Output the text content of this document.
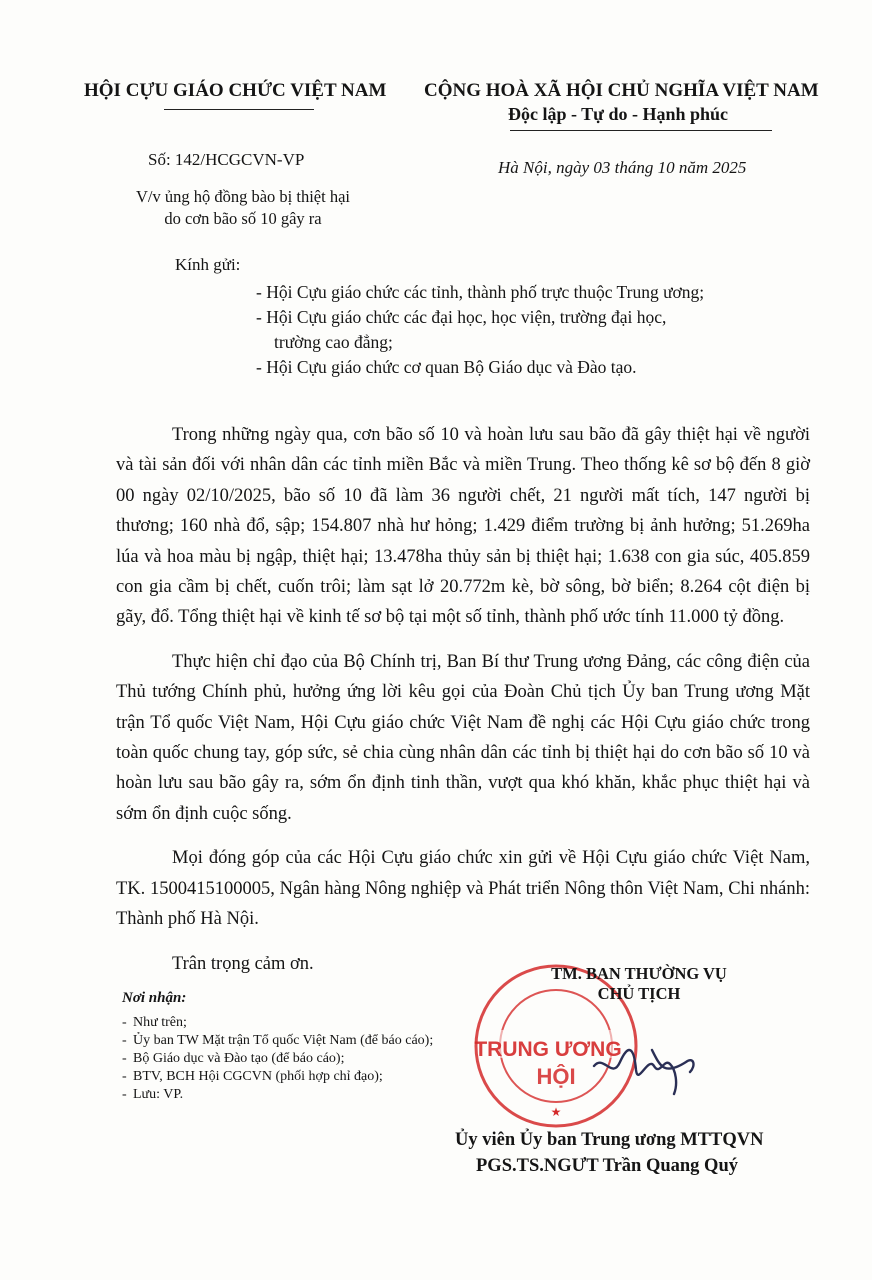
HỘI CỰU GIÁO CHỨC VIỆT NAM CỘNG HOÀ XÃ HỘI CHỦ NGHĨA VIỆT NAM
Độc lập - Tự do - Hạnh phúc
Số: 142/HCGCVN-VP
V/v ủng hộ đồng bào bị thiệt hại
do cơn bão số 10 gây ra
Hà Nội, ngày 03 tháng 10 năm 2025
Kính gửi:
- Hội Cựu giáo chức các tỉnh, thành phố trực thuộc Trung ương;
- Hội Cựu giáo chức các đại học, học viện, trường đại học,
trường cao đẳng;
- Hội Cựu giáo chức cơ quan Bộ Giáo dục và Đào tạo.

Trong những ngày qua, cơn bão số 10 và hoàn lưu sau bão đã gây thiệt hại về người và tài sản đối với nhân dân các tỉnh miền Bắc và miền Trung. Theo thống kê sơ bộ đến 8 giờ 00 ngày 02/10/2025, bão số 10 đã làm 36 người chết, 21 người mất tích, 147 người bị thương; 160 nhà đổ, sập; 154.807 nhà hư hỏng; 1.429 điểm trường bị ảnh hưởng; 51.269ha lúa và hoa màu bị ngập, thiệt hại; 13.478ha thủy sản bị thiệt hại; 1.638 con gia súc, 405.859 con gia cầm bị chết, cuốn trôi; làm sạt lở 20.772m kè, bờ sông, bờ biển; 8.264 cột điện bị gãy, đổ. Tổng thiệt hại về kinh tế sơ bộ tại một số tỉnh, thành phố ước tính 11.000 tỷ đồng.

Thực hiện chỉ đạo của Bộ Chính trị, Ban Bí thư Trung ương Đảng, các công điện của Thủ tướng Chính phủ, hưởng ứng lời kêu gọi của Đoàn Chủ tịch Ủy ban Trung ương Mặt trận Tổ quốc Việt Nam, Hội Cựu giáo chức Việt Nam đề nghị các Hội Cựu giáo chức trong toàn quốc chung tay, góp sức, sẻ chia cùng nhân dân các tỉnh bị thiệt hại do cơn bão số 10 và hoàn lưu sau bão gây ra, sớm ổn định tinh thần, vượt qua khó khăn, khắc phục thiệt hại và sớm ổn định cuộc sống.

Mọi đóng góp của các Hội Cựu giáo chức xin gửi về Hội Cựu giáo chức Việt Nam, TK. 1500415100005, Ngân hàng Nông nghiệp và Phát triển Nông thôn Việt Nam, Chi nhánh: Thành phố Hà Nội.

Trân trọng cảm ơn.

TRUNG ƯƠNG
HỘI
★
TM. BAN THƯỜNG VỤ
CHỦ TỊCH
Nơi nhận:
- Như trên;
- Ủy ban TW Mặt trận Tổ quốc Việt Nam (để báo cáo);
- Bộ Giáo dục và Đào tạo (để báo cáo);
- BTV, BCH Hội CGCVN (phối hợp chỉ đạo);
- Lưu: VP.
Ủy viên Ủy ban Trung ương MTTQVN
PGS.TS.NGƯT Trần Quang Quý
